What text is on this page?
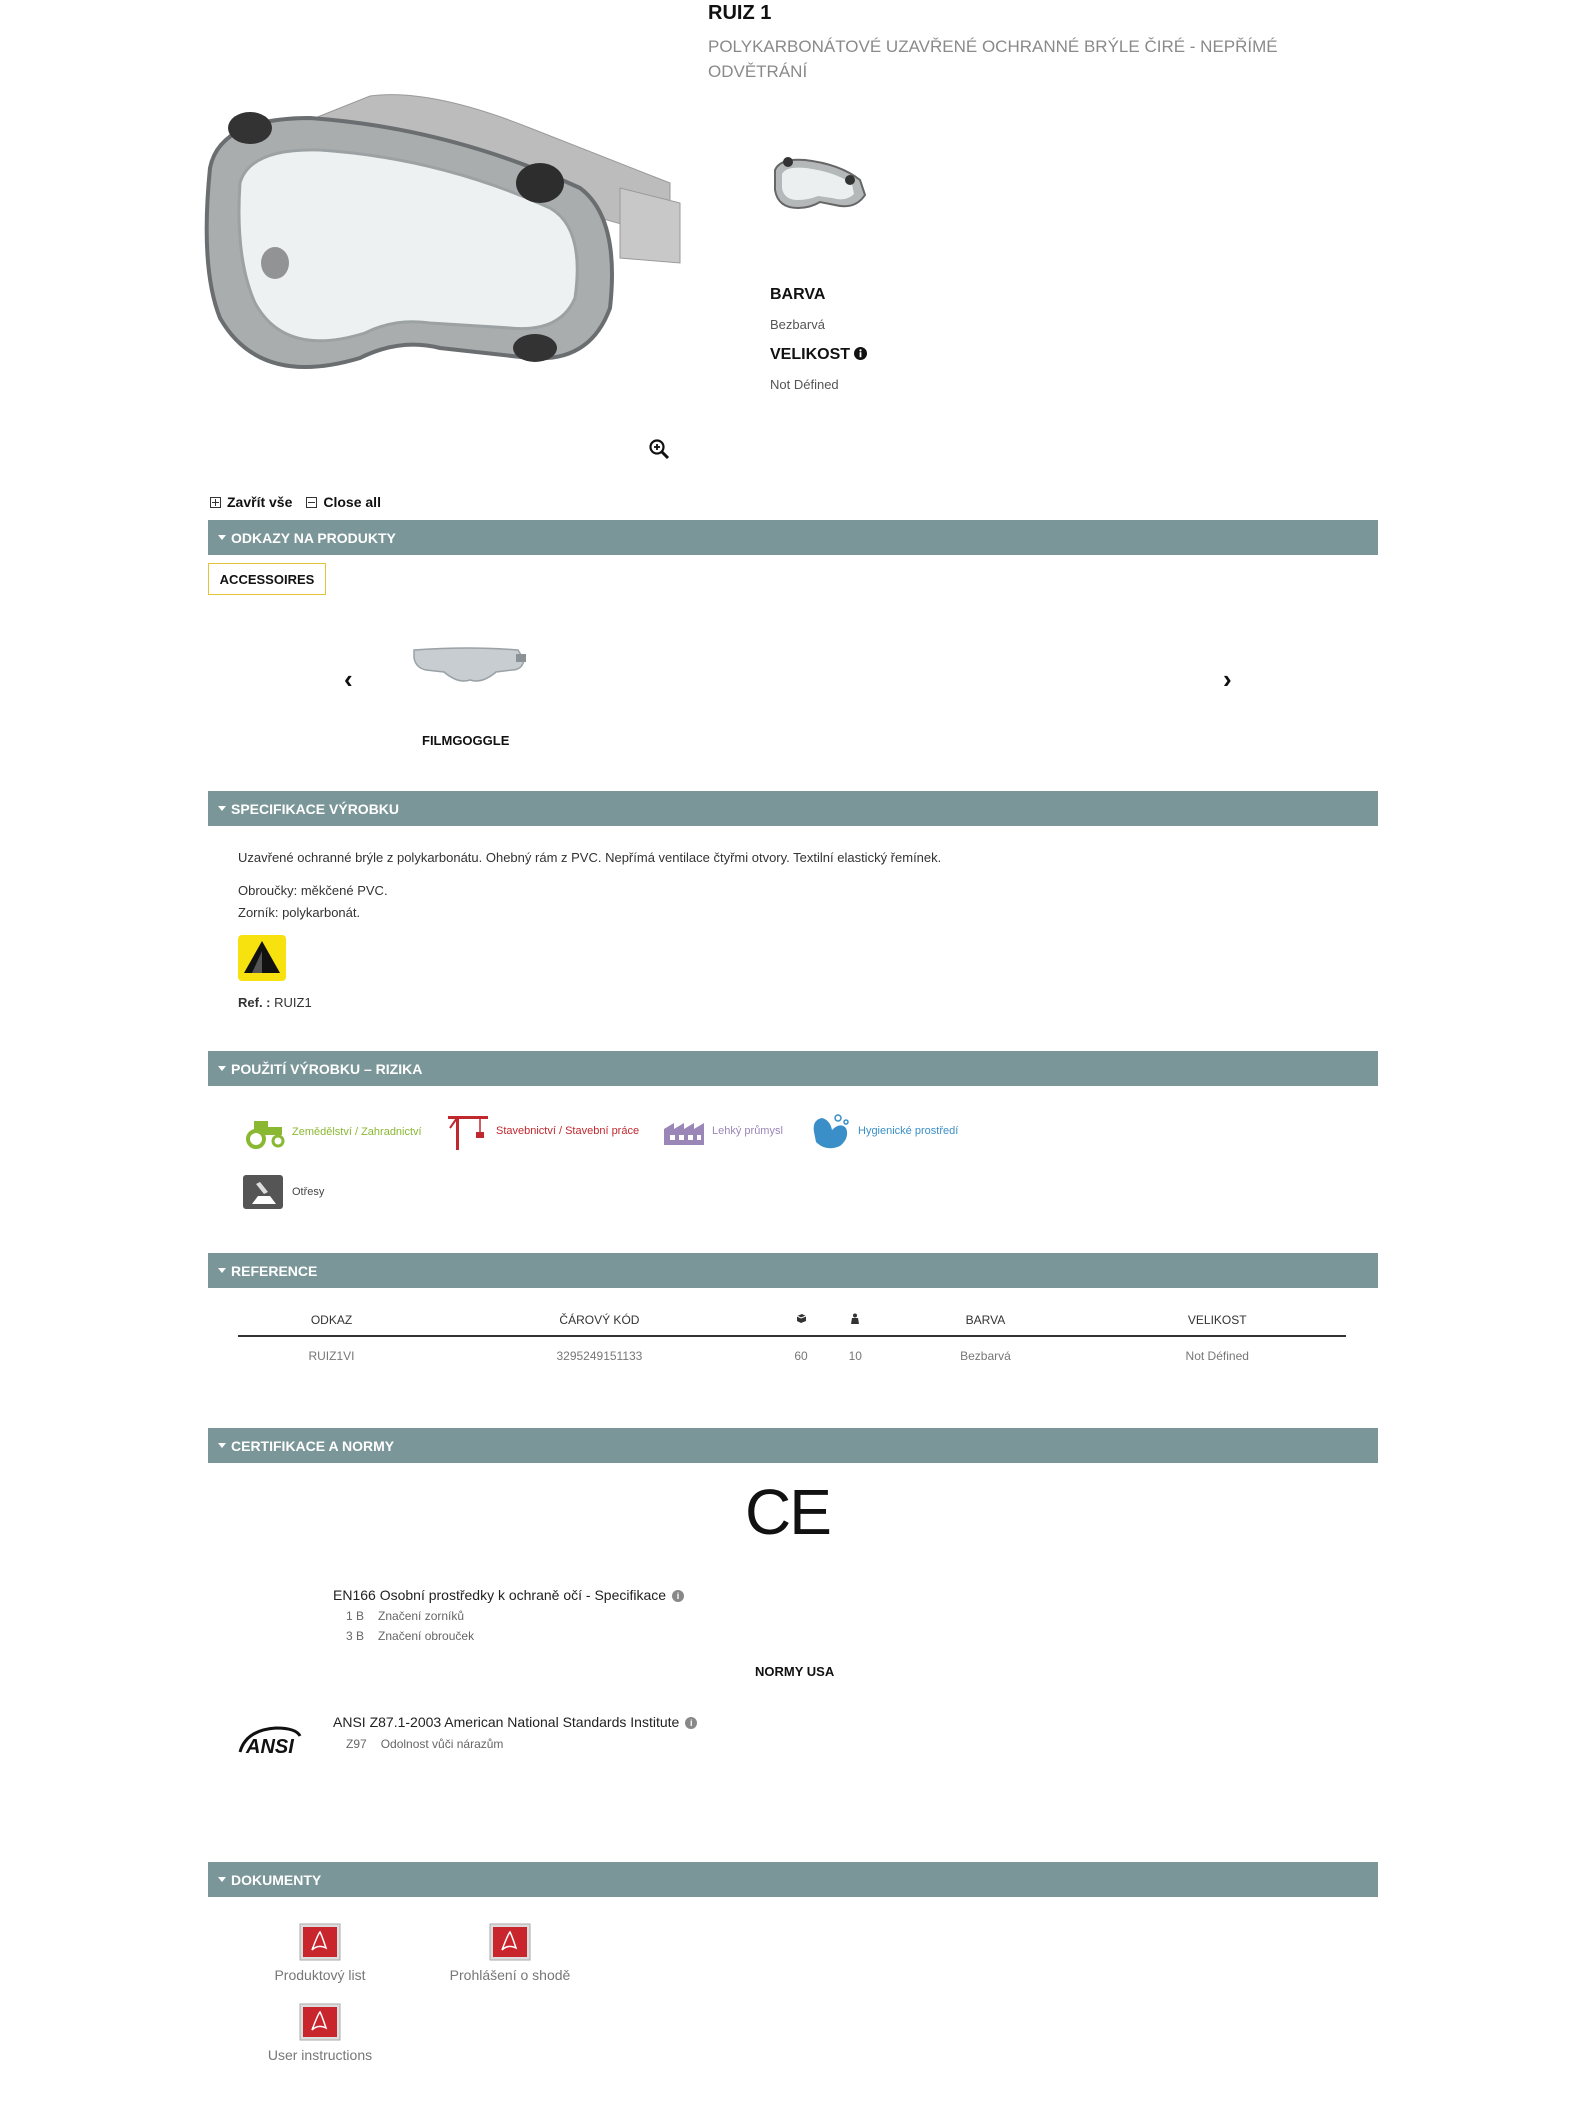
RUIZ 1
POLYKARBONÁTOVÉ UZAVŘENÉ OCHRANNÉ BRÝLE ČIRÉ - NEPŘÍMÉ ODVĚTRÁNÍ
BARVA
Bezbarvá
VELIKOST
Not Défined
Zavřít vše Close all
ODKAZY NA PRODUKTY
ACCESSOIRES
‹	›
FILMGOGGLE
SPECIFIKACE VÝROBKU
Uzavřené ochranné brýle z polykarbonátu. Ohebný rám z PVC. Nepřímá ventilace čtyřmi otvory. Textilní elastický řemínek.
Obroučky: měkčené PVC.
Zorník: polykarbonát.
Ref. : RUIZ1
POUŽITÍ VÝROBKU – RIZIKA
Zemědělství / Zahradnictví	Stavebnictví / Stavební práce	Lehký průmysl	Hygienické prostředí
Otřesy
REFERENCE
ODKAZ	ČÁROVÝ KÓD			BARVA	VELIKOST
RUIZ1VI	3295249151133	60	10	Bezbarvá	Not Défined
CERTIFIKACE A NORMY
CE
EN166 Osobní prostředky k ochraně očí - Specifikace i
1 B Značení zorníků
3 B Značení obrouček
NORMY USA
ANSI
ANSI Z87.1-2003 American National Standards Institute i
Z97 Odolnost vůči nárazům
DOKUMENTY
Produktový list	Prohlášení o shodě
User instructions
